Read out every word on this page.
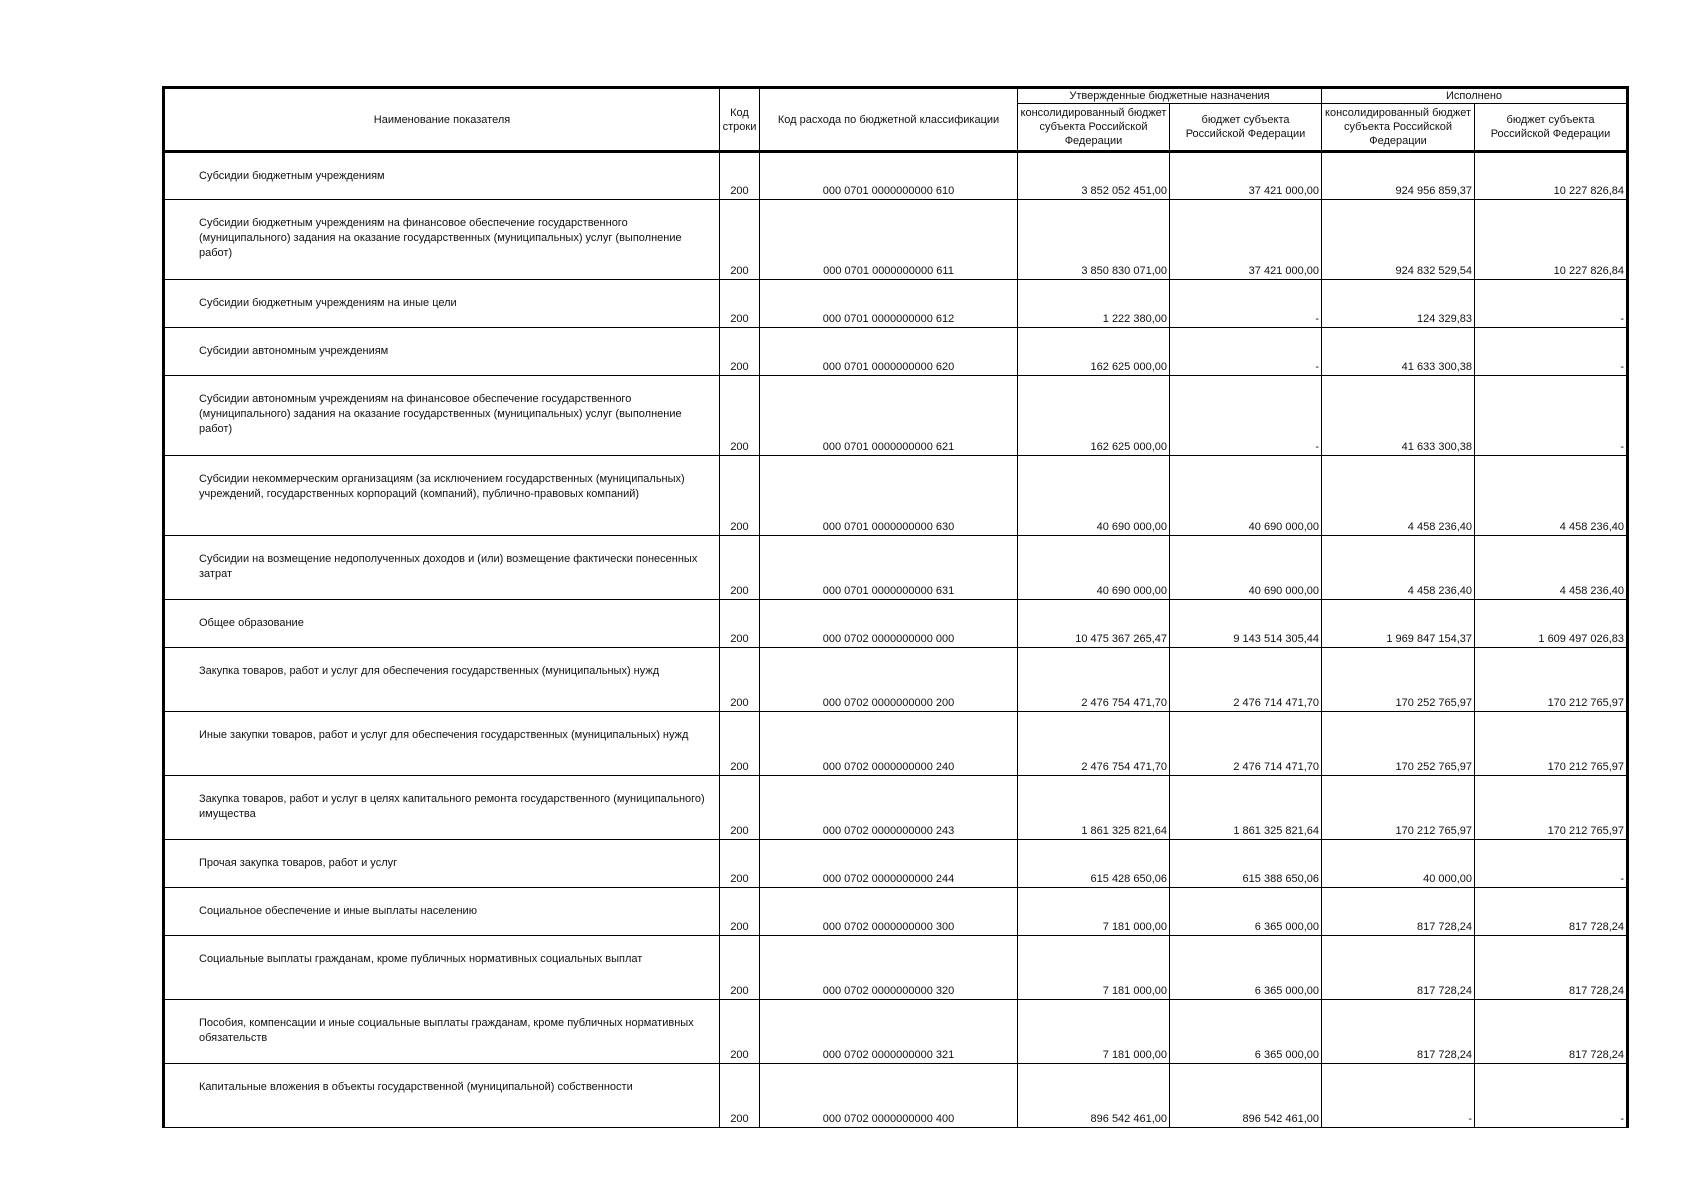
Наименование показателя	Код строки	Код расхода по бюджетной классификации	Утвержденные бюджетные назначения		Исполнено	
			консолидированный бюджет субъекта Российской Федерации	бюджет субъекта Российской Федерации	консолидированный бюджет субъекта Российской Федерации	бюджет субъекта Российской Федерации
Субсидии бюджетным учреждениям	200	000 0701 0000000000 610	3 852 052 451,00	37 421 000,00	924 956 859,37	10 227 826,84
Субсидии бюджетным учреждениям на финансовое обеспечение государственного (муниципального) задания на оказание государственных (муниципальных) услуг (выполнение работ)	200	000 0701 0000000000 611	3 850 830 071,00	37 421 000,00	924 832 529,54	10 227 826,84
Субсидии бюджетным учреждениям на иные цели	200	000 0701 0000000000 612	1 222 380,00	-	124 329,83	-
Субсидии автономным учреждениям	200	000 0701 0000000000 620	162 625 000,00	-	41 633 300,38	-
Субсидии автономным учреждениям на финансовое обеспечение государственного (муниципального) задания на оказание государственных (муниципальных) услуг (выполнение работ)	200	000 0701 0000000000 621	162 625 000,00	-	41 633 300,38	-
Субсидии некоммерческим организациям (за исключением государственных (муниципальных) учреждений, государственных корпораций (компаний), публично-правовых компаний)	200	000 0701 0000000000 630	40 690 000,00	40 690 000,00	4 458 236,40	4 458 236,40
Субсидии на возмещение недополученных доходов и (или) возмещение фактически понесенных затрат	200	000 0701 0000000000 631	40 690 000,00	40 690 000,00	4 458 236,40	4 458 236,40
Общее образование	200	000 0702 0000000000 000	10 475 367 265,47	9 143 514 305,44	1 969 847 154,37	1 609 497 026,83
Закупка товаров, работ и услуг для обеспечения государственных (муниципальных) нужд	200	000 0702 0000000000 200	2 476 754 471,70	2 476 714 471,70	170 252 765,97	170 212 765,97
Иные закупки товаров, работ и услуг для обеспечения государственных (муниципальных) нужд	200	000 0702 0000000000 240	2 476 754 471,70	2 476 714 471,70	170 252 765,97	170 212 765,97
Закупка товаров, работ и услуг в целях капитального ремонта государственного (муниципального) имущества	200	000 0702 0000000000 243	1 861 325 821,64	1 861 325 821,64	170 212 765,97	170 212 765,97
Прочая закупка товаров, работ и услуг	200	000 0702 0000000000 244	615 428 650,06	615 388 650,06	40 000,00	-
Социальное обеспечение и иные выплаты населению	200	000 0702 0000000000 300	7 181 000,00	6 365 000,00	817 728,24	817 728,24
Социальные выплаты гражданам, кроме публичных нормативных социальных выплат	200	000 0702 0000000000 320	7 181 000,00	6 365 000,00	817 728,24	817 728,24
Пособия, компенсации и иные социальные выплаты гражданам, кроме публичных нормативных обязательств	200	000 0702 0000000000 321	7 181 000,00	6 365 000,00	817 728,24	817 728,24
Капитальные вложения в объекты государственной (муниципальной) собственности	200	000 0702 0000000000 400	896 542 461,00	896 542 461,00	-	-
